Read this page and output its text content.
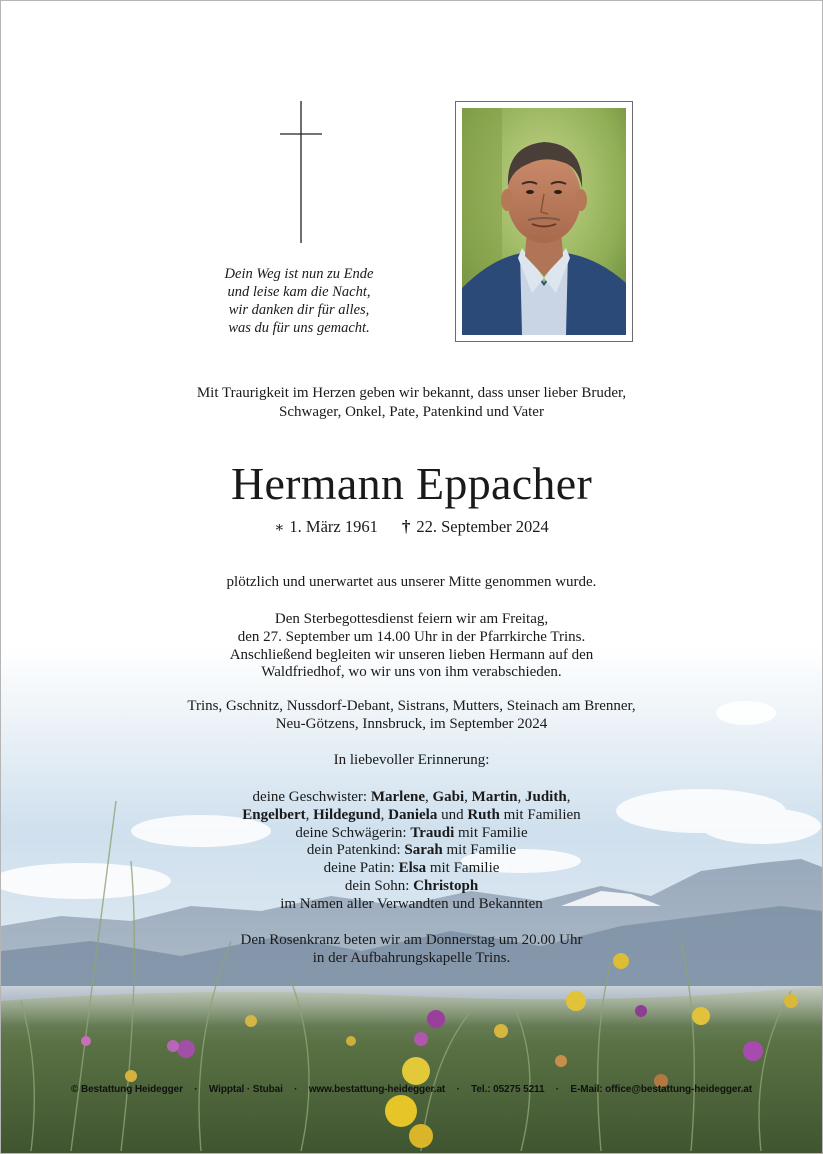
Dein Weg ist nun zu Ende
und leise kam die Nacht,
wir danken dir für alles,
was du für uns gemacht.
Mit Traurigkeit im Herzen geben wir bekannt, dass unser lieber Bruder,
Schwager, Onkel, Pate, Patenkind und Vater
Hermann Eppacher
∗ 1. März 1961 † 22. September 2024
plötzlich und unerwartet aus unserer Mitte genommen wurde.
Den Sterbegottesdienst feiern wir am Freitag,
den 27. September um 14.00 Uhr in der Pfarrkirche Trins.
Anschließend begleiten wir unseren lieben Hermann auf den
Waldfriedhof, wo wir uns von ihm verabschieden.
Trins, Gschnitz, Nussdorf-Debant, Sistrans, Mutters, Steinach am Brenner,
Neu-Götzens, Innsbruck, im September 2024
In liebevoller Erinnerung:
deine Geschwister: Marlene, Gabi, Martin, Judith,
Engelbert, Hildegund, Daniela und Ruth mit Familien
deine Schwägerin: Traudi mit Familie
dein Patenkind: Sarah mit Familie
deine Patin: Elsa mit Familie
dein Sohn: Christoph
im Namen aller Verwandten und Bekannten
Den Rosenkranz beten wir am Donnerstag um 20.00 Uhr
in der Aufbahrungskapelle Trins.
© Bestattung Heidegger · Wipptal · Stubai · www.bestattung-heidegger.at · Tel.: 05275 5211 · E-Mail: office@bestattung-heidegger.at
